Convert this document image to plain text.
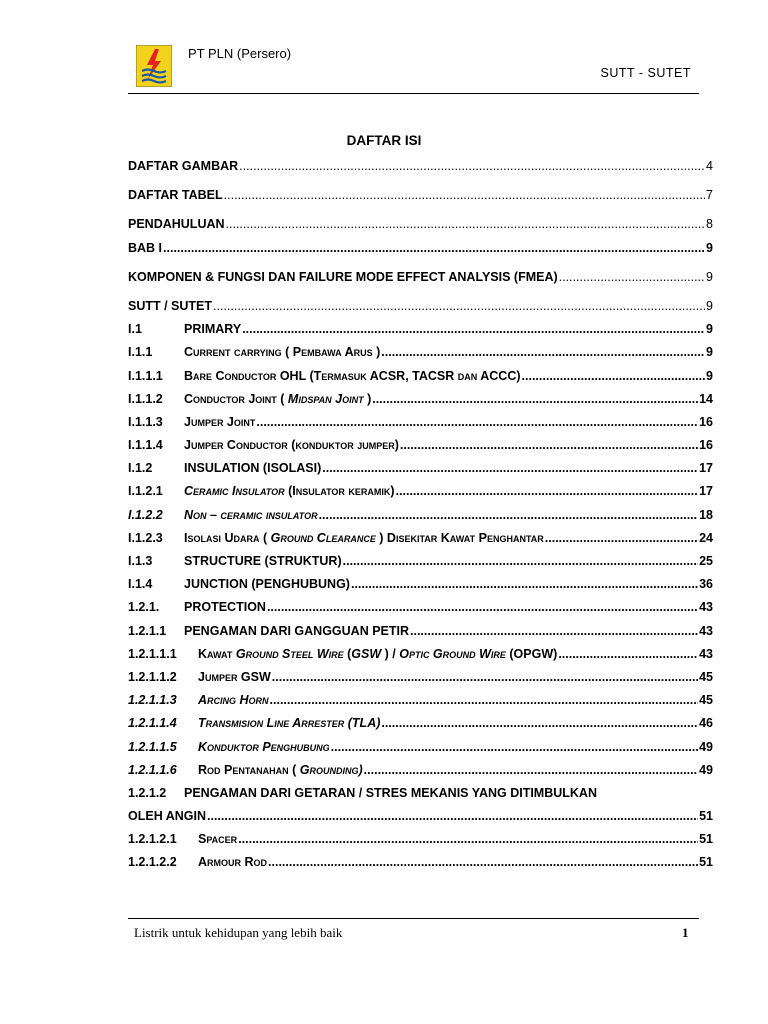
PT PLN (Persero)
SUTT - SUTET
DAFTAR ISI
DAFTAR GAMBAR .....	4
DAFTAR TABEL .....	7
PENDAHULUAN .....	8
BAB I .....	9
KOMPONEN & FUNGSI DAN FAILURE MODE EFFECT ANALYSIS (FMEA) .....	9
SUTT / SUTET .....	9
I.1	PRIMARY .....	9
I.1.1	Current carrying ( Pembawa Arus ) .....	9
I.1.1.1	Bare Conductor OHL (Termasuk ACSR, TACSR dan ACCC) .....	9
I.1.1.2	Conductor Joint ( Midspan Joint ) .....	14
I.1.1.3	Jumper Joint .....	16
I.1.1.4	Jumper Conductor (konduktor jumper) .....	16
I.1.2	INSULATION (ISOLASI) .....	17
I.1.2.1	Ceramic Insulator (Insulator keramik) .....	17
I.1.2.2	Non – ceramic insulator .....	18
I.1.2.3	Isolasi Udara ( Ground Clearance ) Disekitar Kawat Penghantar .....	24
I.1.3	STRUCTURE (STRUKTUR) .....	25
I.1.4	JUNCTION (PENGHUBUNG) .....	36
1.2.1.	PROTECTION .....	43
1.2.1.1	PENGAMAN DARI GANGGUAN PETIR .....	43
1.2.1.1.1	Kawat Ground Steel Wire (GSW ) / Optic Ground Wire (OPGW) .....	43
1.2.1.1.2	Jumper GSW .....	45
1.2.1.1.3	Arcing Horn .....	45
1.2.1.1.4	Transmision Line Arrester (TLA) .....	46
1.2.1.1.5	Konduktor Penghubung .....	49
1.2.1.1.6	Rod Pentanahan ( Grounding) .....	49
1.2.1.2	PENGAMAN DARI GETARAN / STRES MEKANIS YANG DITIMBULKAN
OLEH ANGIN .....	51
1.2.1.2.1	Spacer .....	51
1.2.1.2.2	Armour Rod .....	51
Listrik untuk kehidupan yang lebih baik	1
